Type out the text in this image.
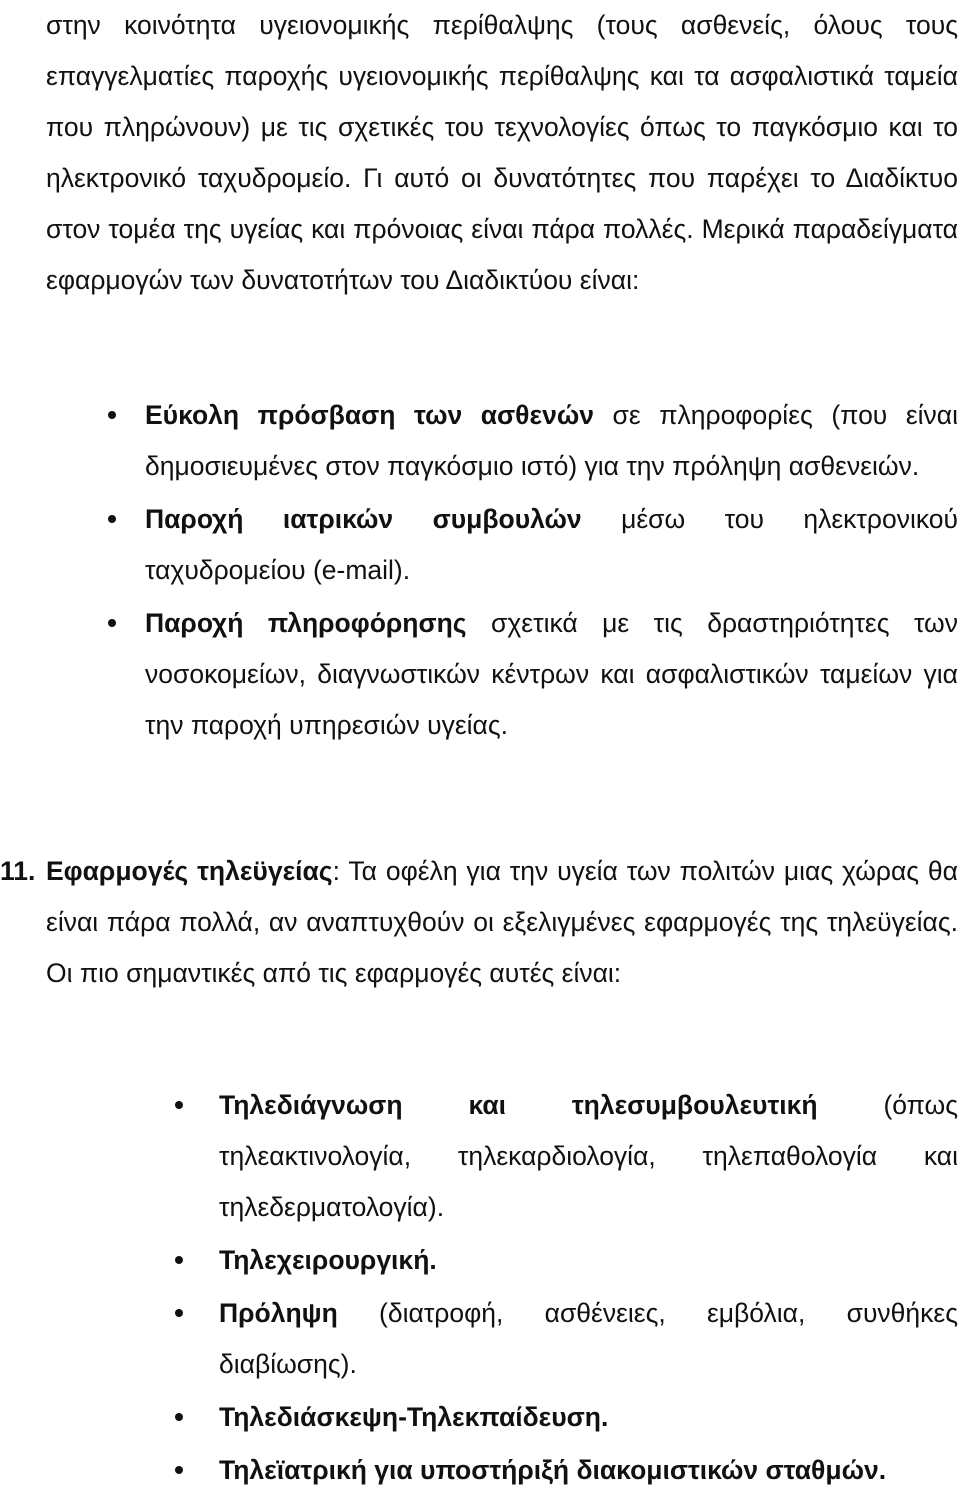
στην κοινότητα υγειονομικής περίθαλψης (τους ασθενείς, όλους τους επαγγελματίες παροχής υγειονομικής περίθαλψης και τα ασφαλιστικά ταμεία που πληρώνουν) με τις σχετικές του τεχνολογίες όπως το παγκόσμιο και το ηλεκτρονικό ταχυδρομείο. Γι αυτό οι δυνατότητες που παρέχει το Διαδίκτυο στον τομέα της υγείας και πρόνοιας είναι πάρα πολλές. Μερικά παραδείγματα εφαρμογών των δυνατοτήτων του Διαδικτύου είναι:

Εύκολη πρόσβαση των ασθενών σε πληροφορίες (που είναι δημοσιευμένες στον παγκόσμιο ιστό) για την πρόληψη ασθενειών.
Παροχή ιατρικών συμβουλών μέσω του ηλεκτρονικού ταχυδρομείου (e-mail).
Παροχή πληροφόρησης σχετικά με τις δραστηριότητες των νοσοκομείων, διαγνωστικών κέντρων και ασφαλιστικών ταμείων για την παροχή υπηρεσιών υγείας.

11. Εφαρμογές τηλεϋγείας: Τα οφέλη για την υγεία των πολιτών μιας χώρας θα είναι πάρα πολλά, αν αναπτυχθούν οι εξελιγμένες εφαρμογές της τηλεϋγείας. Οι πιο σημαντικές από τις εφαρμογές αυτές είναι:

Τηλεδιάγνωση και τηλεσυμβουλευτική (όπως τηλεακτινολογία, τηλεκαρδιολογία, τηλεπαθολογία και τηλεδερματολογία).
Τηλεχειρουργική.
Πρόληψη (διατροφή, ασθένειες, εμβόλια, συνθήκες διαβίωσης).
Τηλεδιάσκεψη-Τηλεκπαίδευση.
Τηλεϊατρική για υποστήριξή διακομιστικών σταθμών.
